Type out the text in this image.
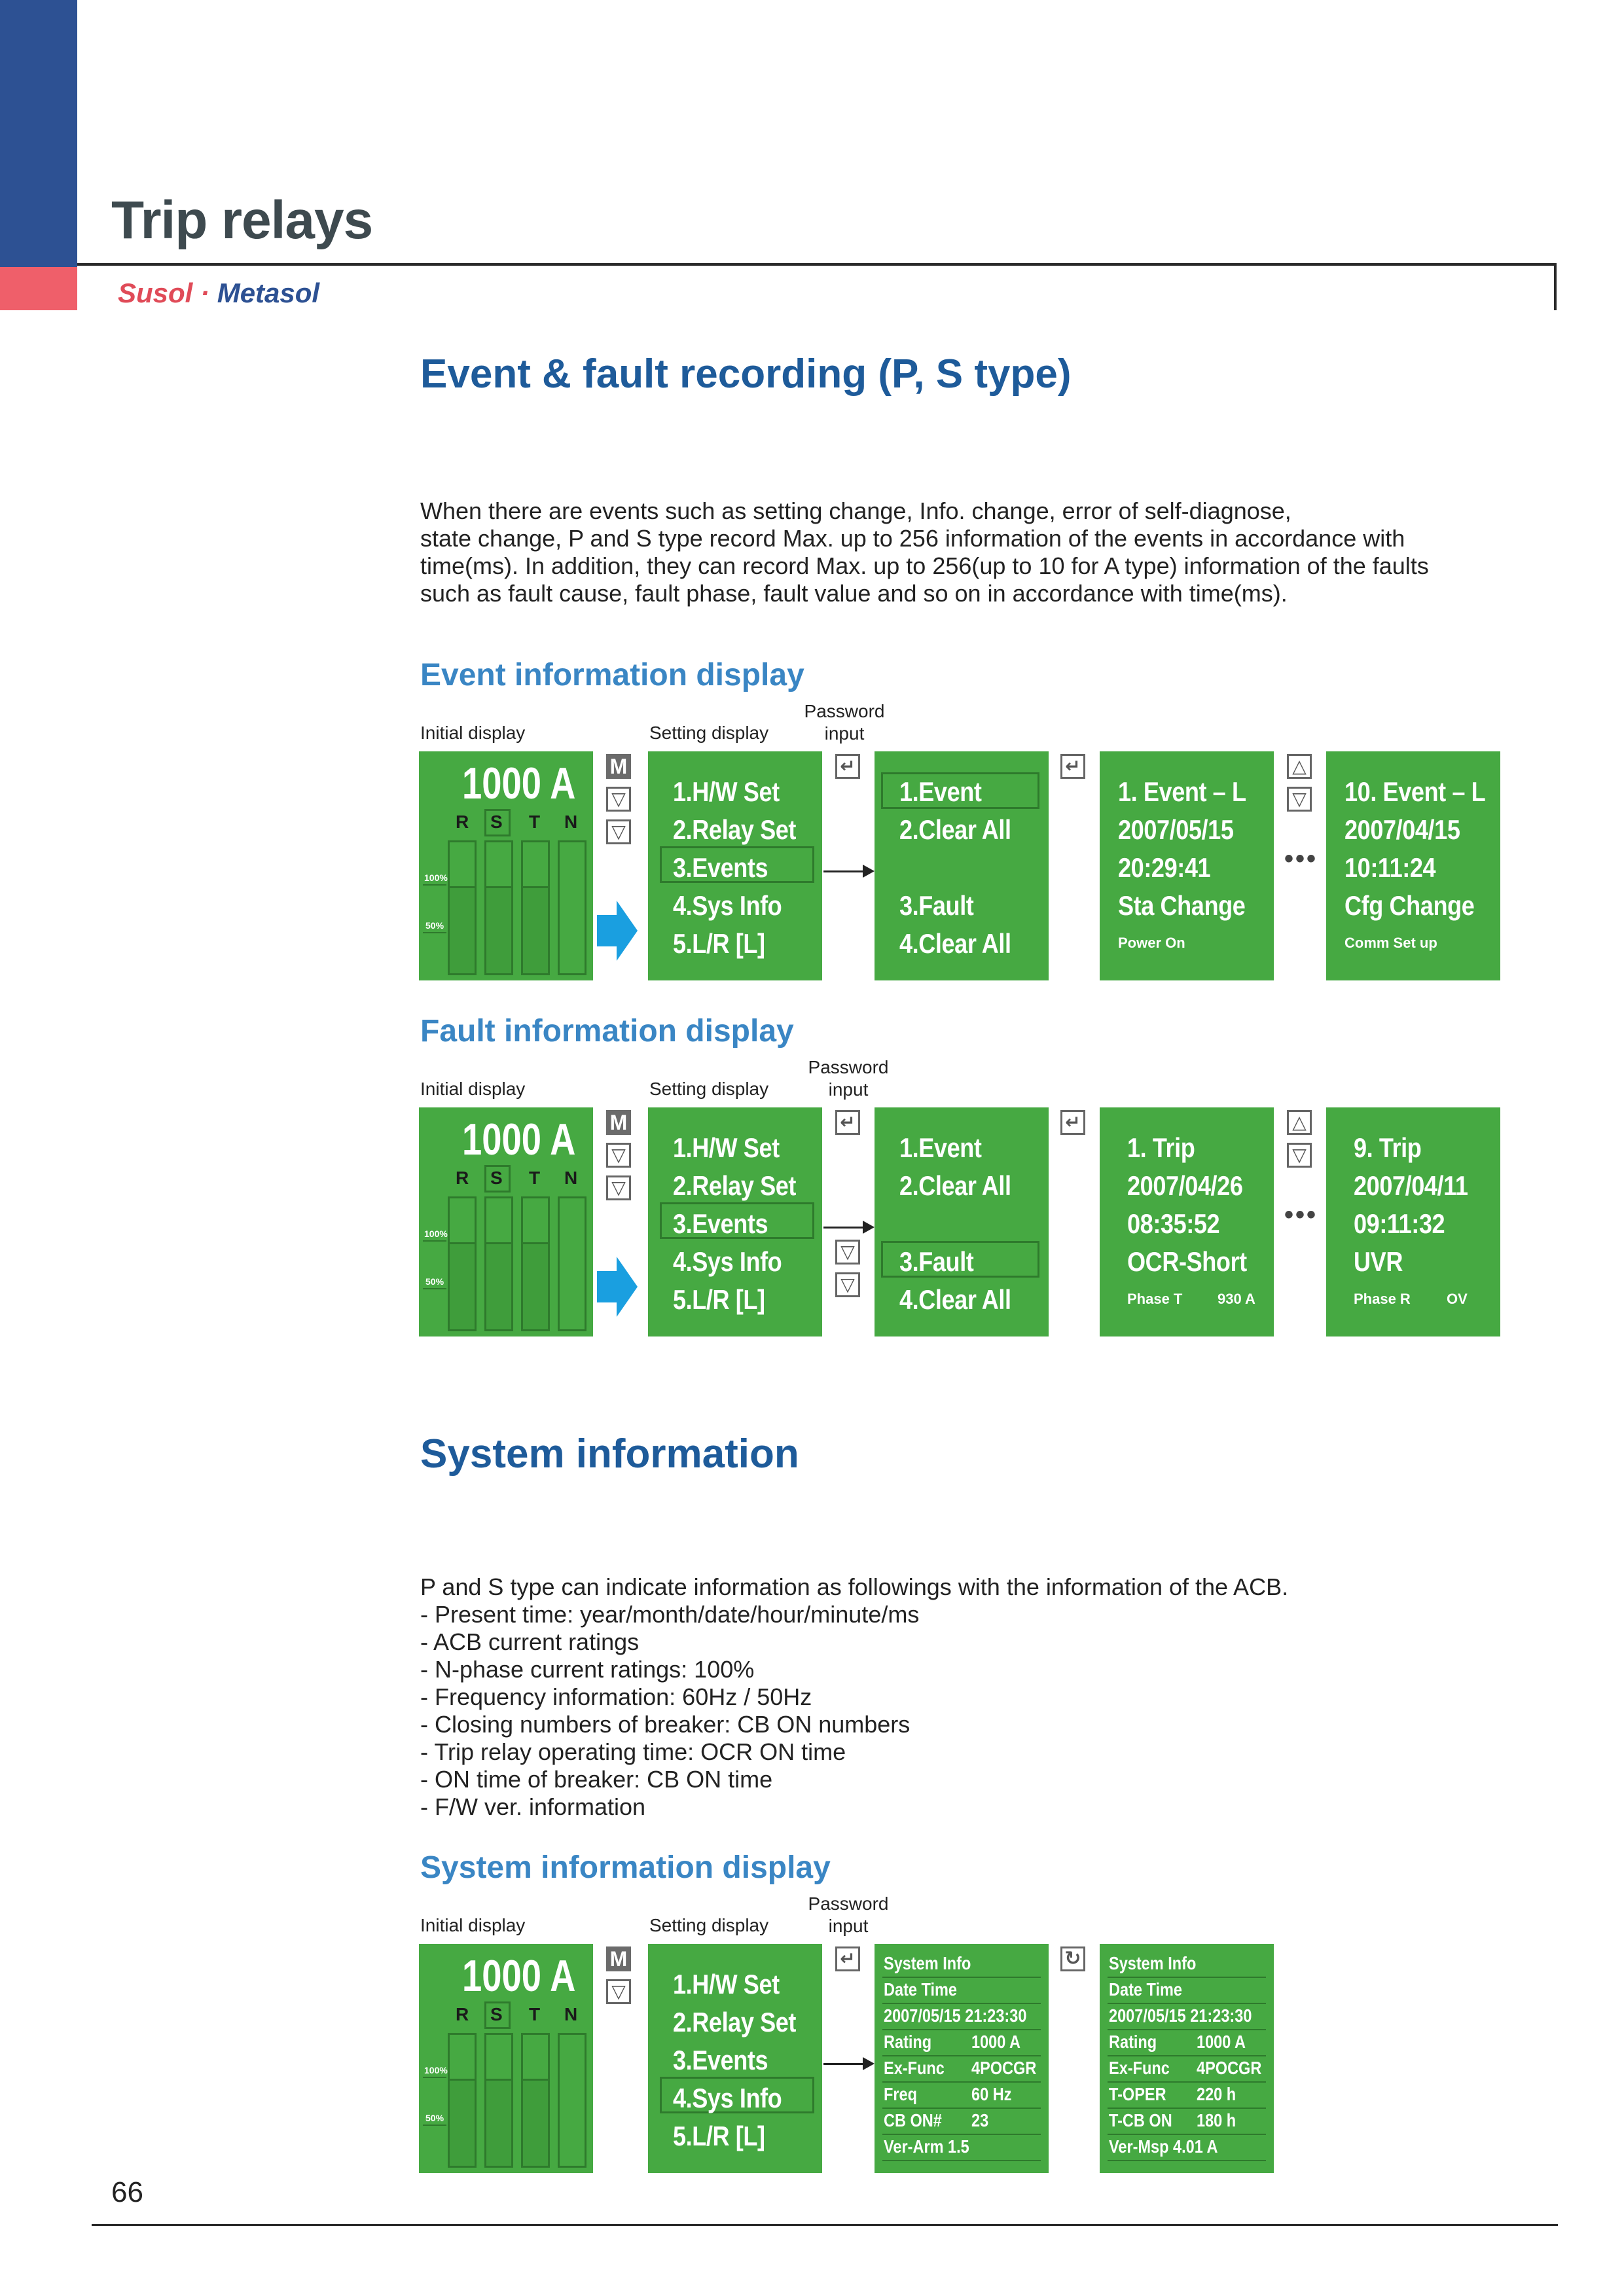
Trip relays
Susol · Metasol
Event & fault recording (P, S type)
When there are events such as setting change, Info. change, error of self-diagnose,
state change, P and S type record Max. up to 256 information of the events in accordance with
time(ms). In addition, they can record Max. up to 256(up to 10 for A type) information of the faults
such as fault cause, fault phase, fault value and so on in accordance with time(ms).
Event information display
Initial display	Setting display
Password
input
1000 A
R S T N
100%
50%
M
▽
▽
1.H/W Set
2.Relay Set
3.Events
4.Sys Info
5.L/R [L]
↵
1.Event
2.Clear All
3.Fault
4.Clear All
↵
1. Event – L
2007/05/15
20:29:41
Sta Change
Power On
△
▽
•••
10. Event – L
2007/04/15
10:11:24
Cfg Change
Comm Set up
Fault information display
Initial display	Setting display
Password
input
1000 A
R S T N
100%
50%
M
▽
▽
1.H/W Set
2.Relay Set
3.Events
4.Sys Info
5.L/R [L]
↵
▽
▽
1.Event
2.Clear All
3.Fault
4.Clear All
↵
1. Trip
2007/04/26
08:35:52
OCR-Short
Phase T 930 A
△
▽
•••
9. Trip
2007/04/11
09:11:32
UVR
Phase R	OV
System information
P and S type can indicate information as followings with the information of the ACB.
- Present time: year/month/date/hour/minute/ms
- ACB current ratings
- N-phase current ratings: 100%
- Frequency information: 60Hz / 50Hz
- Closing numbers of breaker: CB ON numbers
- Trip relay operating time: OCR ON time
- ON time of breaker: CB ON time
- F/W ver. information
System information display
Initial display	Setting display
Password
input
1000 A
R S T N
100%
50%
M
▽ 1.H/W Set
2.Relay Set
3.Events
4.Sys Info
5.L/R [L]
↵ System Info
Date Time
2007/05/15 21:23:30
Rating 1000 A
Ex-Func 4POCGR
Freq	60 Hz
CB ON# 23
Ver-Arm 1.5
↻ System Info
Date Time
2007/05/15 21:23:30
Rating 1000 A
Ex-Func 4POCGR
T-OPER 220 h
T-CB ON 180 h
Ver-Msp 4.01 A
66
